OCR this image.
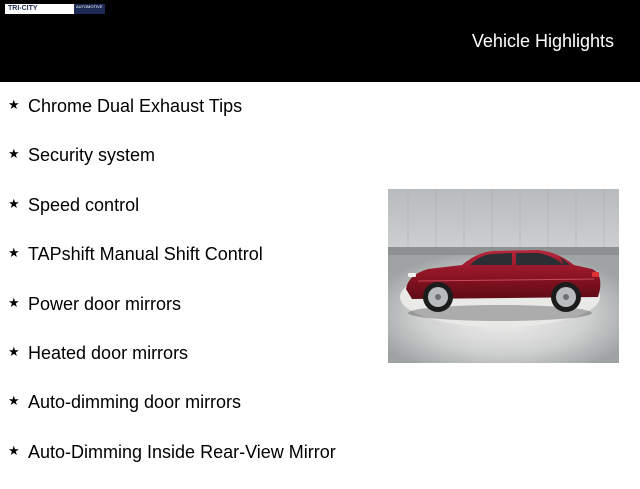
TRI-CITY	AUTOMOTIVE
Vehicle Highlights
★ Chrome Dual Exhaust Tips
★ Security system
★ Speed control
★ TAPshift Manual Shift Control
★ Power door mirrors
★ Heated door mirrors
★ Auto-dimming door mirrors
★ Auto-Dimming Inside Rear-View Mirror
